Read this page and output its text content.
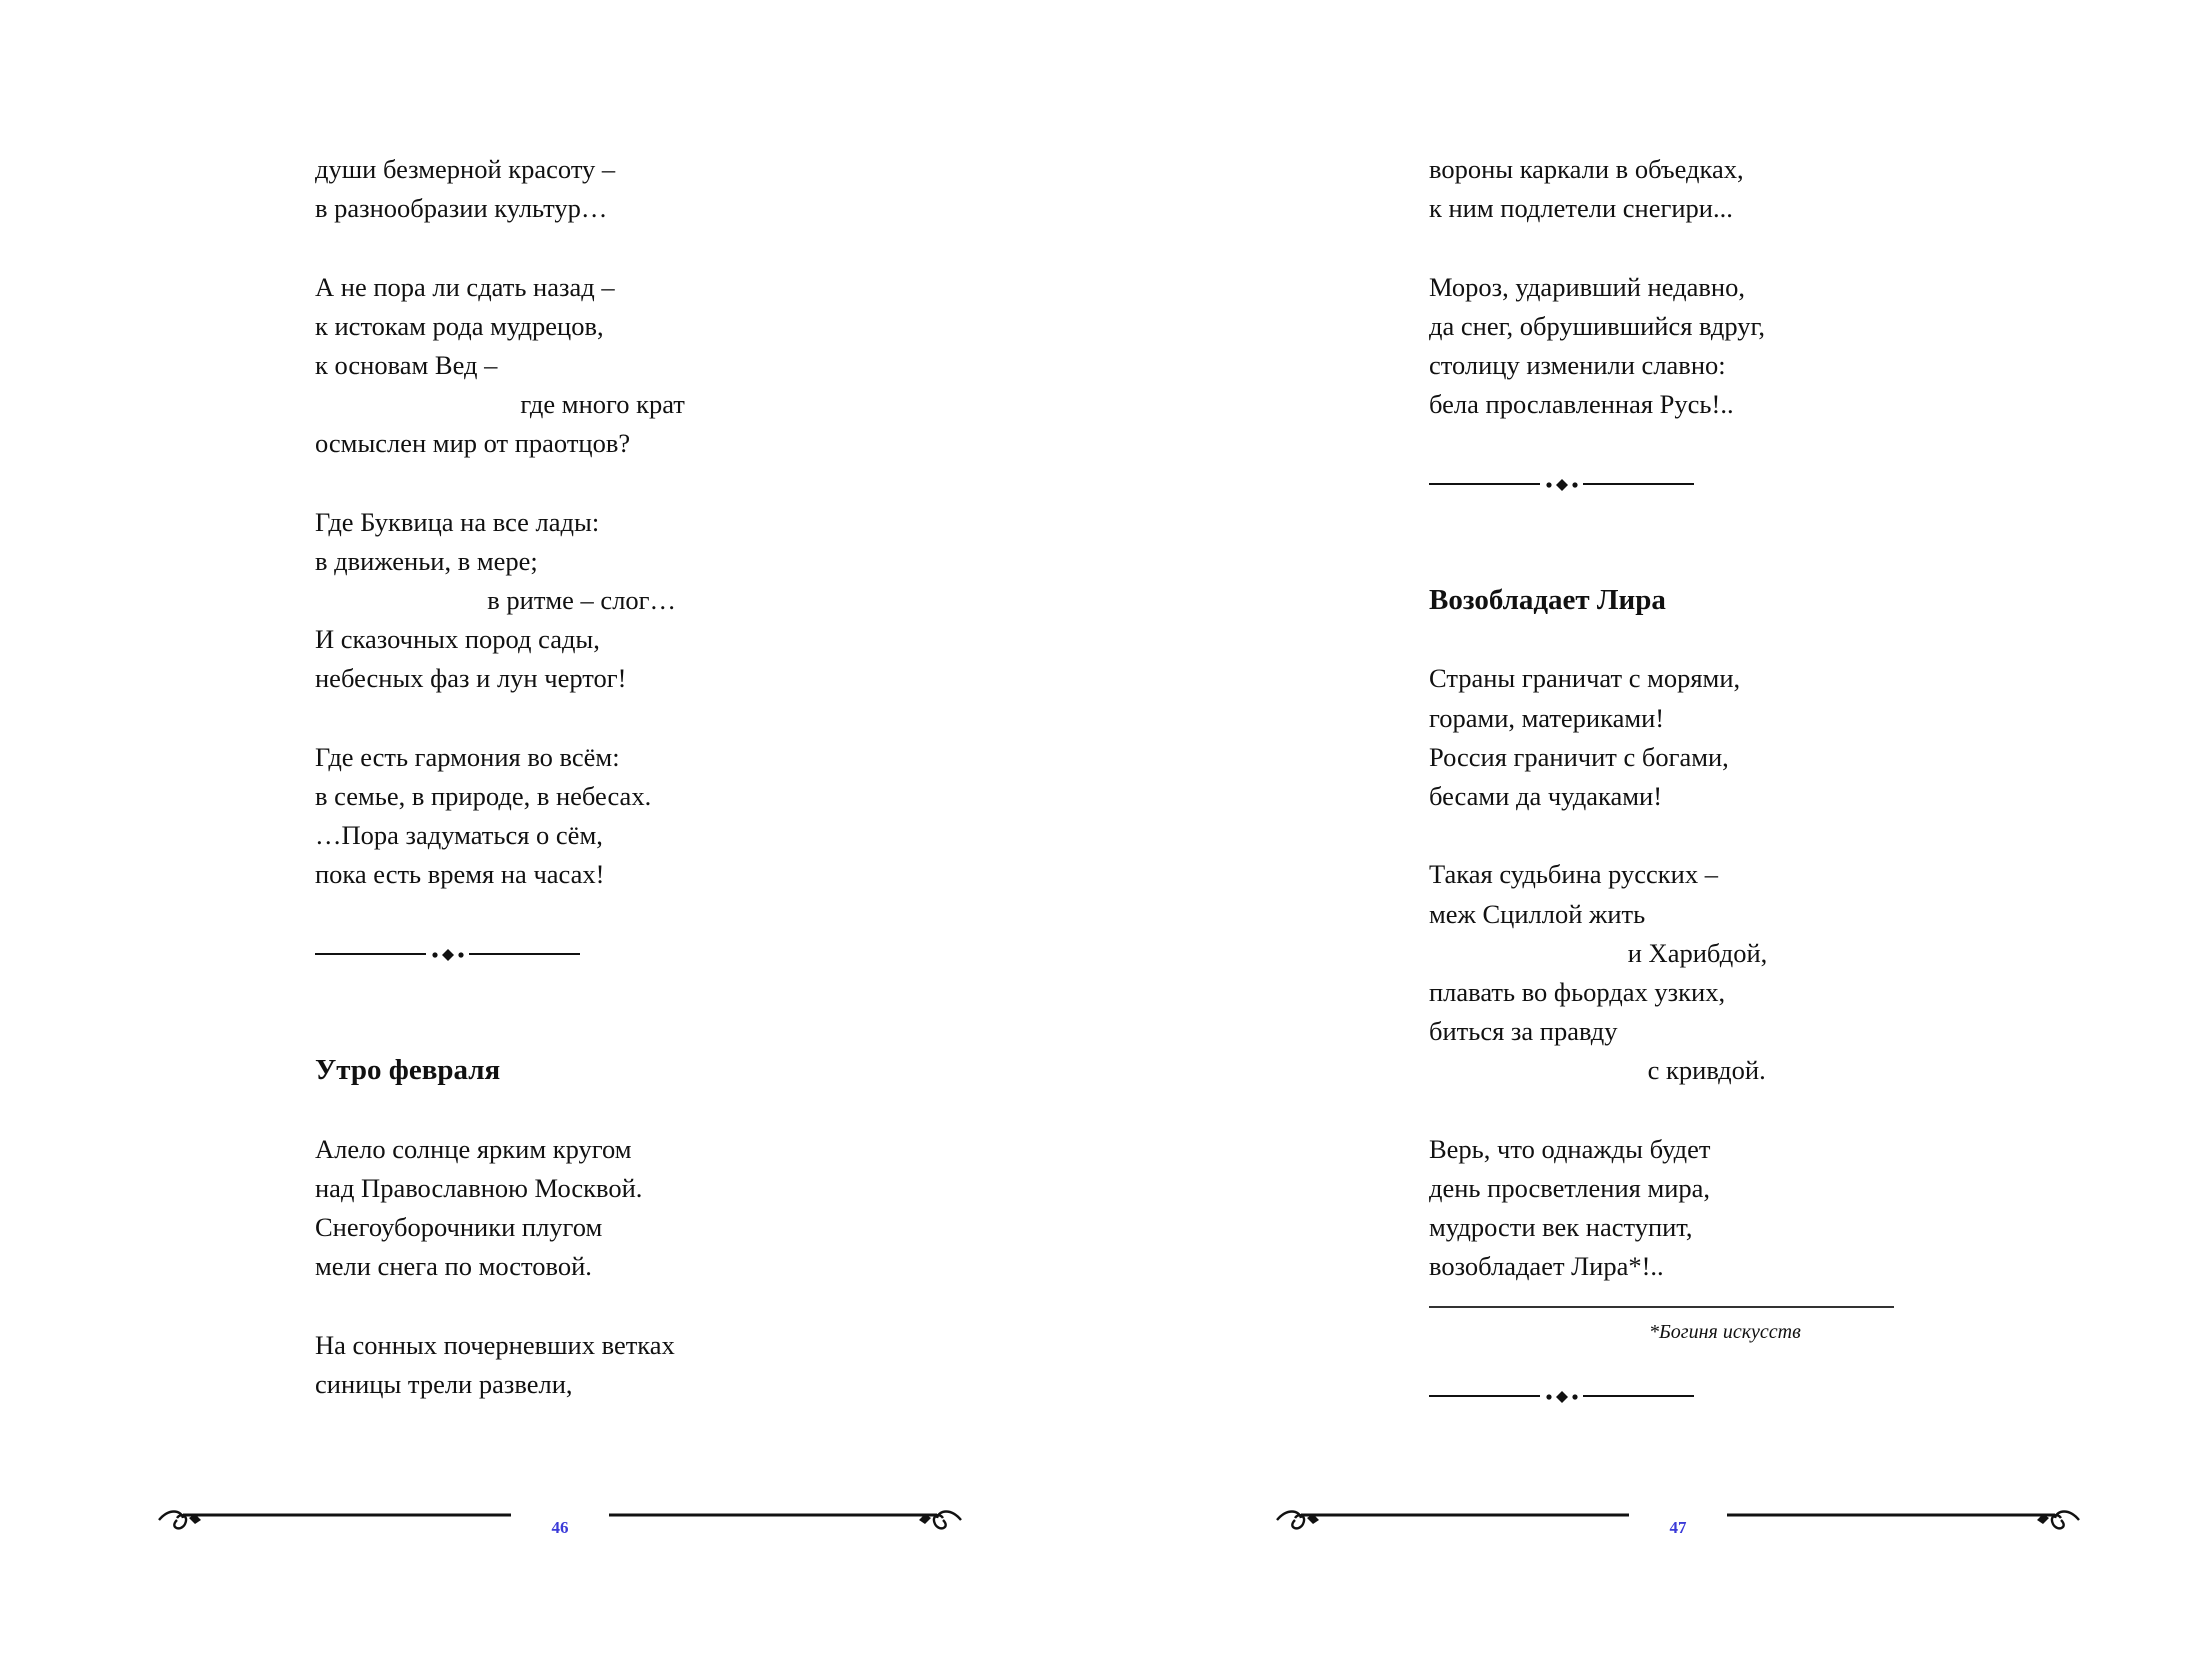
души безмерной красоту –
в разнообразии культур…
А не пора ли сдать назад –
к истокам рода мудрецов,
к основам Вед –
где много крат
осмыслен мир от праотцов?
Где Буквица на все лады:
в движеньи, в мере;
в ритме – слог…
И сказочных пород сады,
небесных фаз и лун чертог!
Где есть гармония во всём:
в семье, в природе, в небесах.
…Пора задуматься о сём,
пока есть время на часах!
Утро февраля
Алело солнце ярким кругом
над Православною Москвой.
Снегоуборочники плугом
мели снега по мостовой.
На сонных почерневших ветках
синицы трели развели,
46
вороны каркали в объедках,
к ним подлетели снегири...
Мороз, ударивший недавно,
да снег, обрушившийся вдруг,
столицу изменили славно:
бела прославленная Русь!..
Возобладает Лира
Страны граничат с морями,
горами, материками!
Россия граничит с богами,
бесами да чудаками!
Такая судьбина русских –
меж Сциллой жить
и Харибдой,
плавать во фьордах узких,
биться за правду
с кривдой.
Верь, что однажды будет
день просветления мира,
мудрости век наступит,
возобладает Лира*!..
*Богиня искусств
47
